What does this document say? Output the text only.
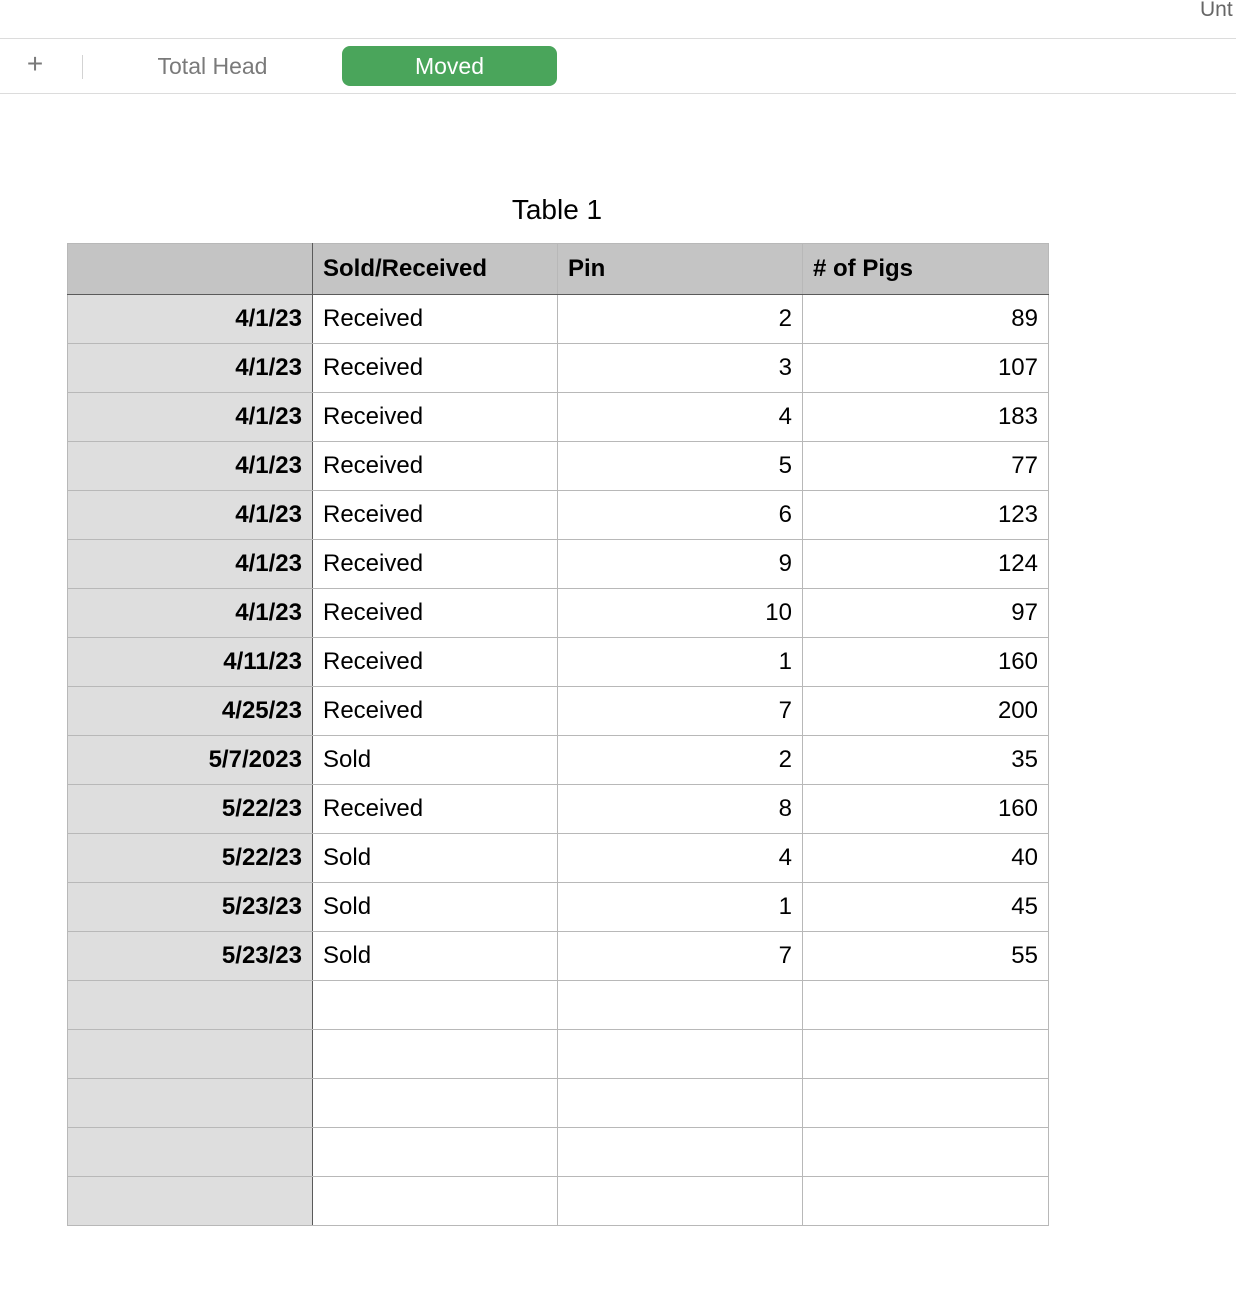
Unt
+	Total Head	Moved
Table 1
	Sold/Received	Pin	# of Pigs
4/1/23	Received	2	89
4/1/23	Received	3	107
4/1/23	Received	4	183
4/1/23	Received	5	77
4/1/23	Received	6	123
4/1/23	Received	9	124
4/1/23	Received	10	97
4/11/23	Received	1	160
4/25/23	Received	7	200
5/7/2023	Sold	2	35
5/22/23	Received	8	160
5/22/23	Sold	4	40
5/23/23	Sold	1	45
5/23/23	Sold	7	55
